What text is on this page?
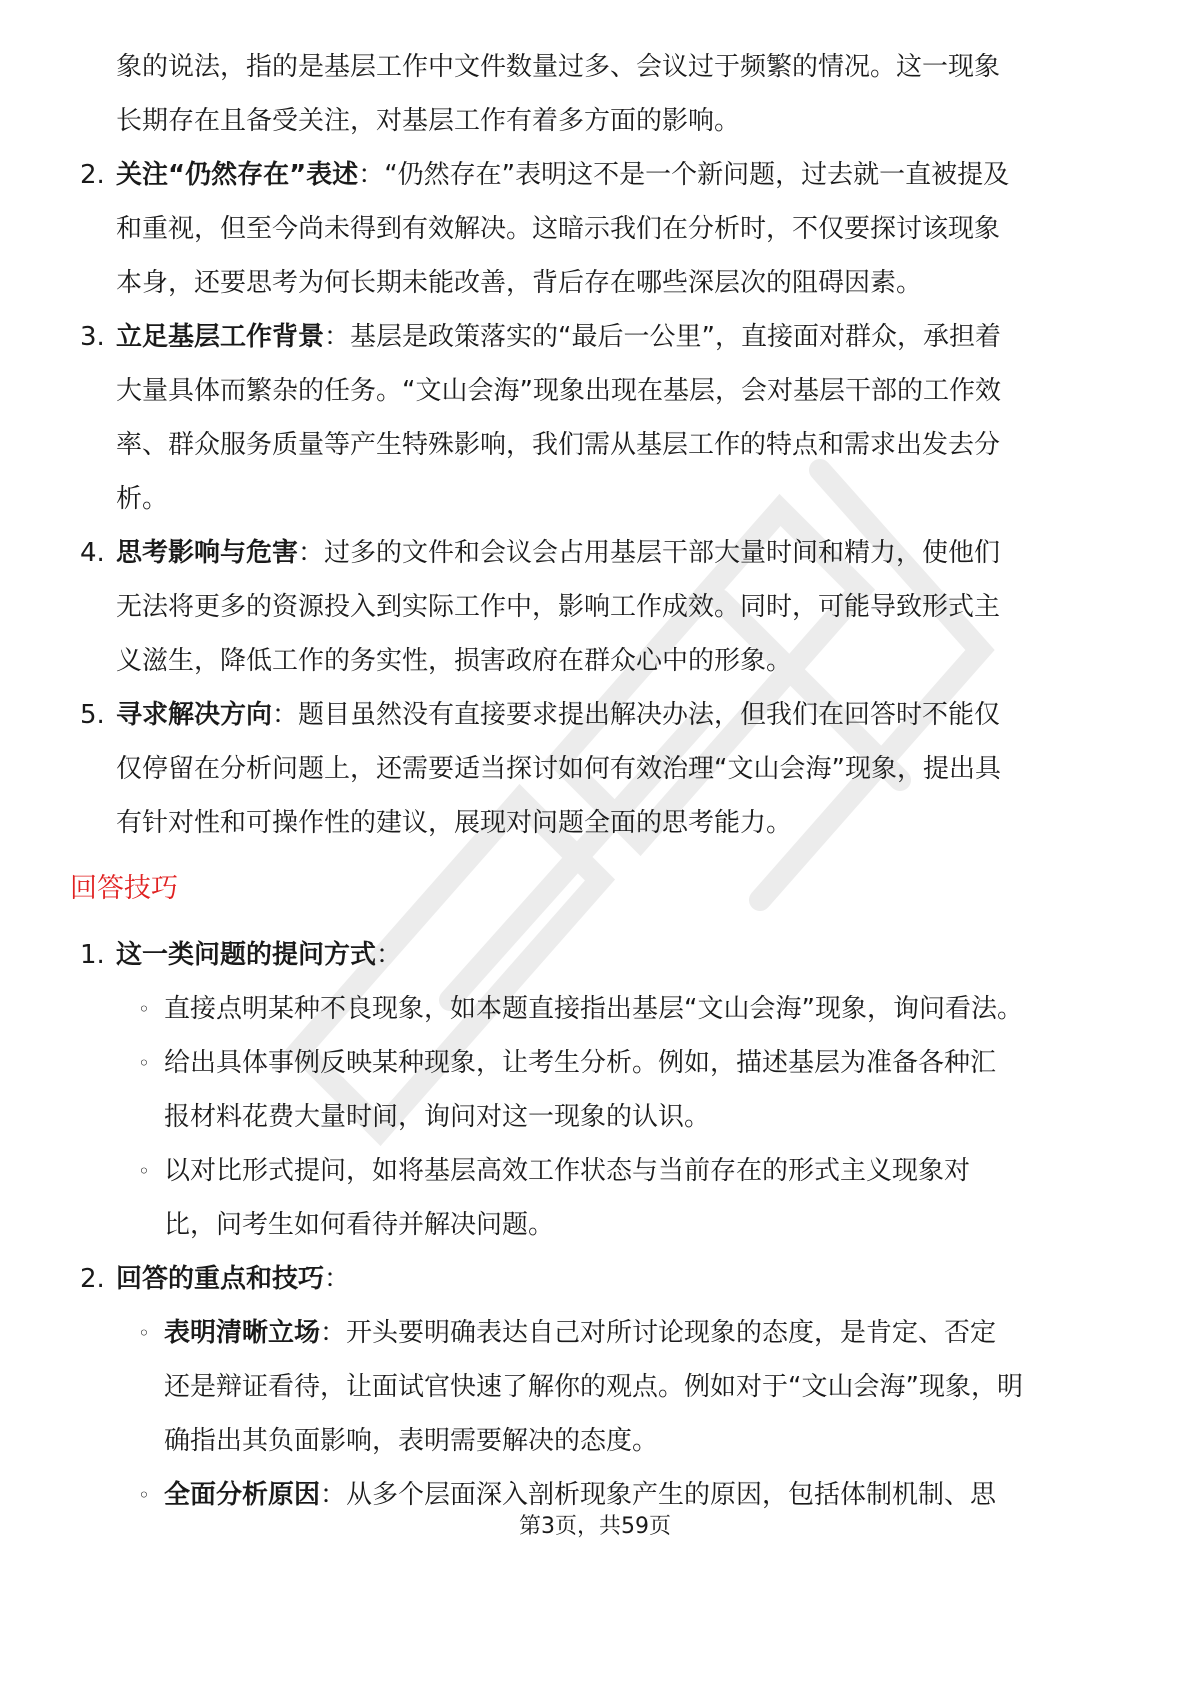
象的说法，指的是基层工作中文件数量过多、会议过于频繁的情况。这一现象

长期存在且备受关注，对基层工作有着多方面的影响。

2. 关注“仍然存在”表述：“仍然存在”表明这不是一个新问题，过去就一直被提及

和重视，但至今尚未得到有效解决。这暗示我们在分析时，不仅要探讨该现象

本身，还要思考为何长期未能改善，背后存在哪些深层次的阻碍因素。

3. 立足基层工作背景：基层是政策落实的“最后一公里”，直接面对群众，承担着

大量具体而繁杂的任务。“文山会海”现象出现在基层，会对基层干部的工作效

率、群众服务质量等产生特殊影响，我们需从基层工作的特点和需求出发去分

析。

4. 思考影响与危害：过多的文件和会议会占用基层干部大量时间和精力，使他们

无法将更多的资源投入到实际工作中，影响工作成效。同时，可能导致形式主

义滋生，降低工作的务实性，损害政府在群众心中的形象。

5. 寻求解决方向：题目虽然没有直接要求提出解决办法，但我们在回答时不能仅

仅停留在分析问题上，还需要适当探讨如何有效治理“文山会海”现象，提出具

有针对性和可操作性的建议，展现对问题全面的思考能力。

回答技巧
1. 这一类问题的提问方式：

◦ 直接点明某种不良现象，如本题直接指出基层“文山会海”现象，询问看法。

◦ 给出具体事例反映某种现象，让考生分析。例如，描述基层为准备各种汇

报材料花费大量时间，询问对这一现象的认识。

◦ 以对比形式提问，如将基层高效工作状态与当前存在的形式主义现象对

比，问考生如何看待并解决问题。

2. 回答的重点和技巧：

◦ 表明清晰立场：开头要明确表达自己对所讨论现象的态度，是肯定、否定

还是辩证看待，让面试官快速了解你的观点。例如对于“文山会海”现象，明

确指出其负面影响，表明需要解决的态度。

◦ 全面分析原因：从多个层面深入剖析现象产生的原因，包括体制机制、思

第3页，共59页
